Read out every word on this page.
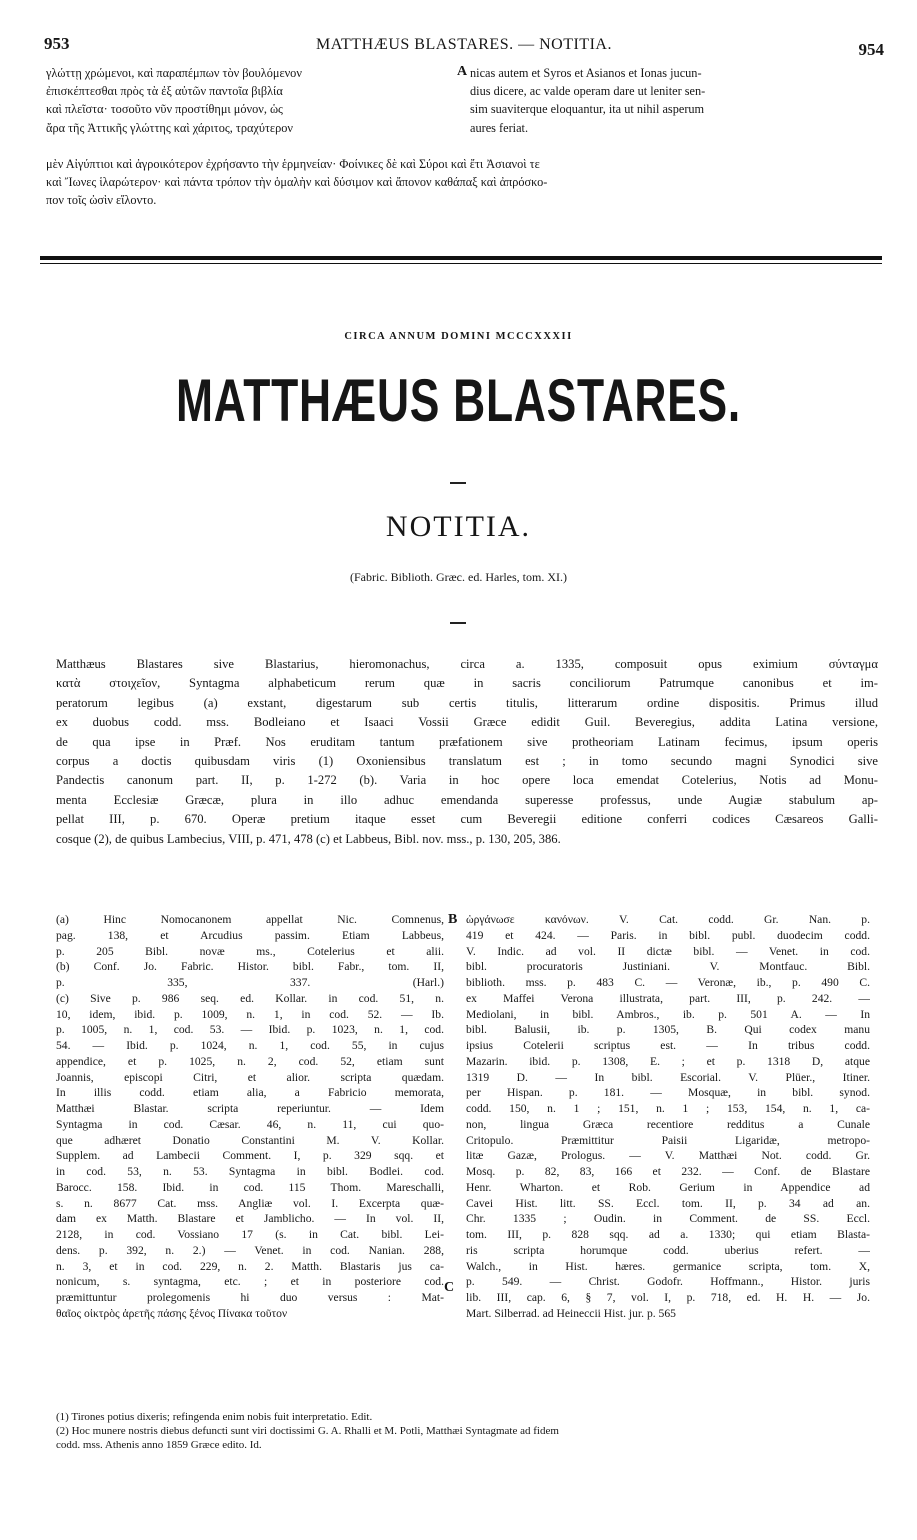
953	MATTHÆUS BLASTARES. — NOTITIA.	954
γλώττῃ χρώμενοι, καὶ παραπέμπων τὸν βουλόμενον
ἐπισκέπτεσθαι πρὸς τὰ ἐξ αὐτῶν παντοῖα βιβλία
καὶ πλεῖστα· τοσοῦτο νῦν προστίθημι μόνον, ὡς
ἄρα τῆς Ἀττικῆς γλώττης καὶ χάριτος, τραχύτερον
A nicas autem et Syros et Asianos et Ionas jucun-
dius dicere, ac valde operam dare ut leniter sen-
sim suaviterque eloquantur, ita ut nihil asperum
aures feriat.
μὲν Αἰγύπτιοι καὶ ἀγροικότερον ἐχρήσαντο τὴν ἑρμηνείαν· Φοίνικες δὲ καὶ Σύροι καὶ ἔτι Ἀσιανοὶ τε
καὶ Ἴωνες ἱλαρώτερον· καὶ πάντα τρόπον τὴν ὁμαλὴν καὶ δύσιμον καὶ ἄπονον καθάπαξ καὶ ἀπρόσκο-
πον τοῖς ὠσὶν εἵλοντο.
CIRCA ANNUM DOMINI MCCCXXXII
MATTHÆUS BLASTARES.
NOTITIA.
(Fabric. Biblioth. Græc. ed. Harles, tom. XI.)
Matthæus Blastares sive Blastarius, hieromonachus, circa a. 1335, composuit opus eximium σύνταγμα
κατὰ στοιχεῖον, Syntagma alphabeticum rerum quæ in sacris conciliorum Patrumque canonibus et im-
peratorum legibus (a) exstant, digestarum sub certis titulis, litterarum ordine dispositis. Primus illud
ex duobus codd. mss. Bodleiano et Isaaci Vossii Græce edidit Guil. Beveregius, addita Latina versione,
de qua ipse in Præf. Nos eruditam tantum præfationem sive protheoriam Latinam fecimus, ipsum operis
corpus a doctis quibusdam viris (1) Oxoniensibus translatum est ; in tomo secundo magni Synodici sive
Pandectis canonum part. II, p. 1-272 (b). Varia in hoc opere loca emendat Cotelerius, Notis ad Monu-
menta Ecclesiæ Græcæ, plura in illo adhuc emendanda superesse professus, unde Augiæ stabulum ap-
pellat III, p. 670. Operæ pretium itaque esset cum Beveregii editione conferri codices Cæsareos Galli-
cosque (2), de quibus Lambecius, VIII, p. 471, 478 (c) et Labbeus, Bibl. nov. mss., p. 130, 205, 386.
(a) Hinc Nomocanonem appellat Nic. Comnenus,
pag. 138, et Arcudius passim. Etiam Labbeus,
p. 205 Bibl. novæ ms., Cotelerius et alii.
(b) Conf. Jo. Fabric. Histor. bibl. Fabr., tom. II,
p. 335, 337. (Harl.)
(c) Sive p. 986 seq. ed. Kollar. in cod. 51, n.
10, idem, ibid. p. 1009, n. 1, in cod. 52. — Ib.
p. 1005, n. 1, cod. 53. — Ibid. p. 1023, n. 1, cod.
54. — Ibid. p. 1024, n. 1, cod. 55, in cujus
appendice, et p. 1025, n. 2, cod. 52, etiam sunt
Joannis, episcopi Citri, et alior. scripta quædam.
In illis codd. etiam alia, a Fabricio memorata,
Matthæi Blastar. scripta reperiuntur. — Idem
Syntagma in cod. Cæsar. 46, n. 11, cui quo-
que adhæret Donatio Constantini M. V. Kollar.
Supplem. ad Lambecii Comment. I, p. 329 sqq. et
in cod. 53, n. 53. Syntagma in bibl. Bodlei. cod.
Barocc. 158. Ibid. in cod. 115 Thom. Mareschalli,
s. n. 8677 Cat. mss. Angliæ vol. I. Excerpta quæ-
dam ex Matth. Blastare et Jamblicho. — In vol. II,
2128, in cod. Vossiano 17 (s. in Cat. bibl. Lei-
dens. p. 392, n. 2.) — Venet. in cod. Nanian. 288,
n. 3, et in cod. 229, n. 2. Matth. Blastaris jus ca-
nonicum, s. syntagma, etc. ; et in posteriore cod.
præmittuntur prolegomenis hi duo versus : Mat-
θαῖος οἰκτρὸς ἀρετῆς πάσης ξένος Πίνακα τοῦτον
B
C
ὠργάνωσε κανόνων. V. Cat. codd. Gr. Nan. p.
419 et 424. — Paris. in bibl. publ. duodecim codd.
V. Indic. ad vol. II dictæ bibl. — Venet. in cod.
bibl. procuratoris Justiniani. V. Montfauc. Bibl.
biblioth. mss. p. 483 C. — Veronæ, ib., p. 490 C.
ex Maffei Verona illustrata, part. III, p. 242. —
Mediolani, in bibl. Ambros., ib. p. 501 A. — In
bibl. Balusii, ib. p. 1305, B. Qui codex manu
ipsius Cotelerii scriptus est. — In tribus codd.
Mazarin. ibid. p. 1308, E. ; et p. 1318 D, atque
1319 D. — In bibl. Escorial. V. Plüer., Itiner.
per Hispan. p. 181. — Mosquæ, in bibl. synod.
codd. 150, n. 1 ; 151, n. 1 ; 153, 154, n. 1, ca-
non, lingua Græca recentiore redditus a Cunale
Critopulo. Præmittitur Paisii Ligaridæ, metropo-
litæ Gazæ, Prologus. — V. Matthæi Not. codd. Gr.
Mosq. p. 82, 83, 166 et 232. — Conf. de Blastare
Henr. Wharton. et Rob. Gerium in Appendice ad
Cavei Hist. litt. SS. Eccl. tom. II, p. 34 ad an.
Chr. 1335 ; Oudin. in Comment. de SS. Eccl.
tom. III, p. 828 sqq. ad a. 1330; qui etiam Blasta-
ris scripta horumque codd. uberius refert. —
Walch., in Hist. hæres. germanice scripta, tom. X,
p. 549. — Christ. Godofr. Hoffmann., Histor. juris
lib. III, cap. 6, § 7, vol. I, p. 718, ed. H. H. — Jo.
Mart. Silberrad. ad Heineccii Hist. jur. p. 565
(1) Tirones potius dixeris; refingenda enim nobis fuit interpretatio. Edit.
(2) Hoc munere nostris diebus defuncti sunt viri doctissimi G. A. Rhalli et M. Potli, Matthæi Syntagmate ad fidem
codd. mss. Athenis anno 1859 Græce edito. Id.
